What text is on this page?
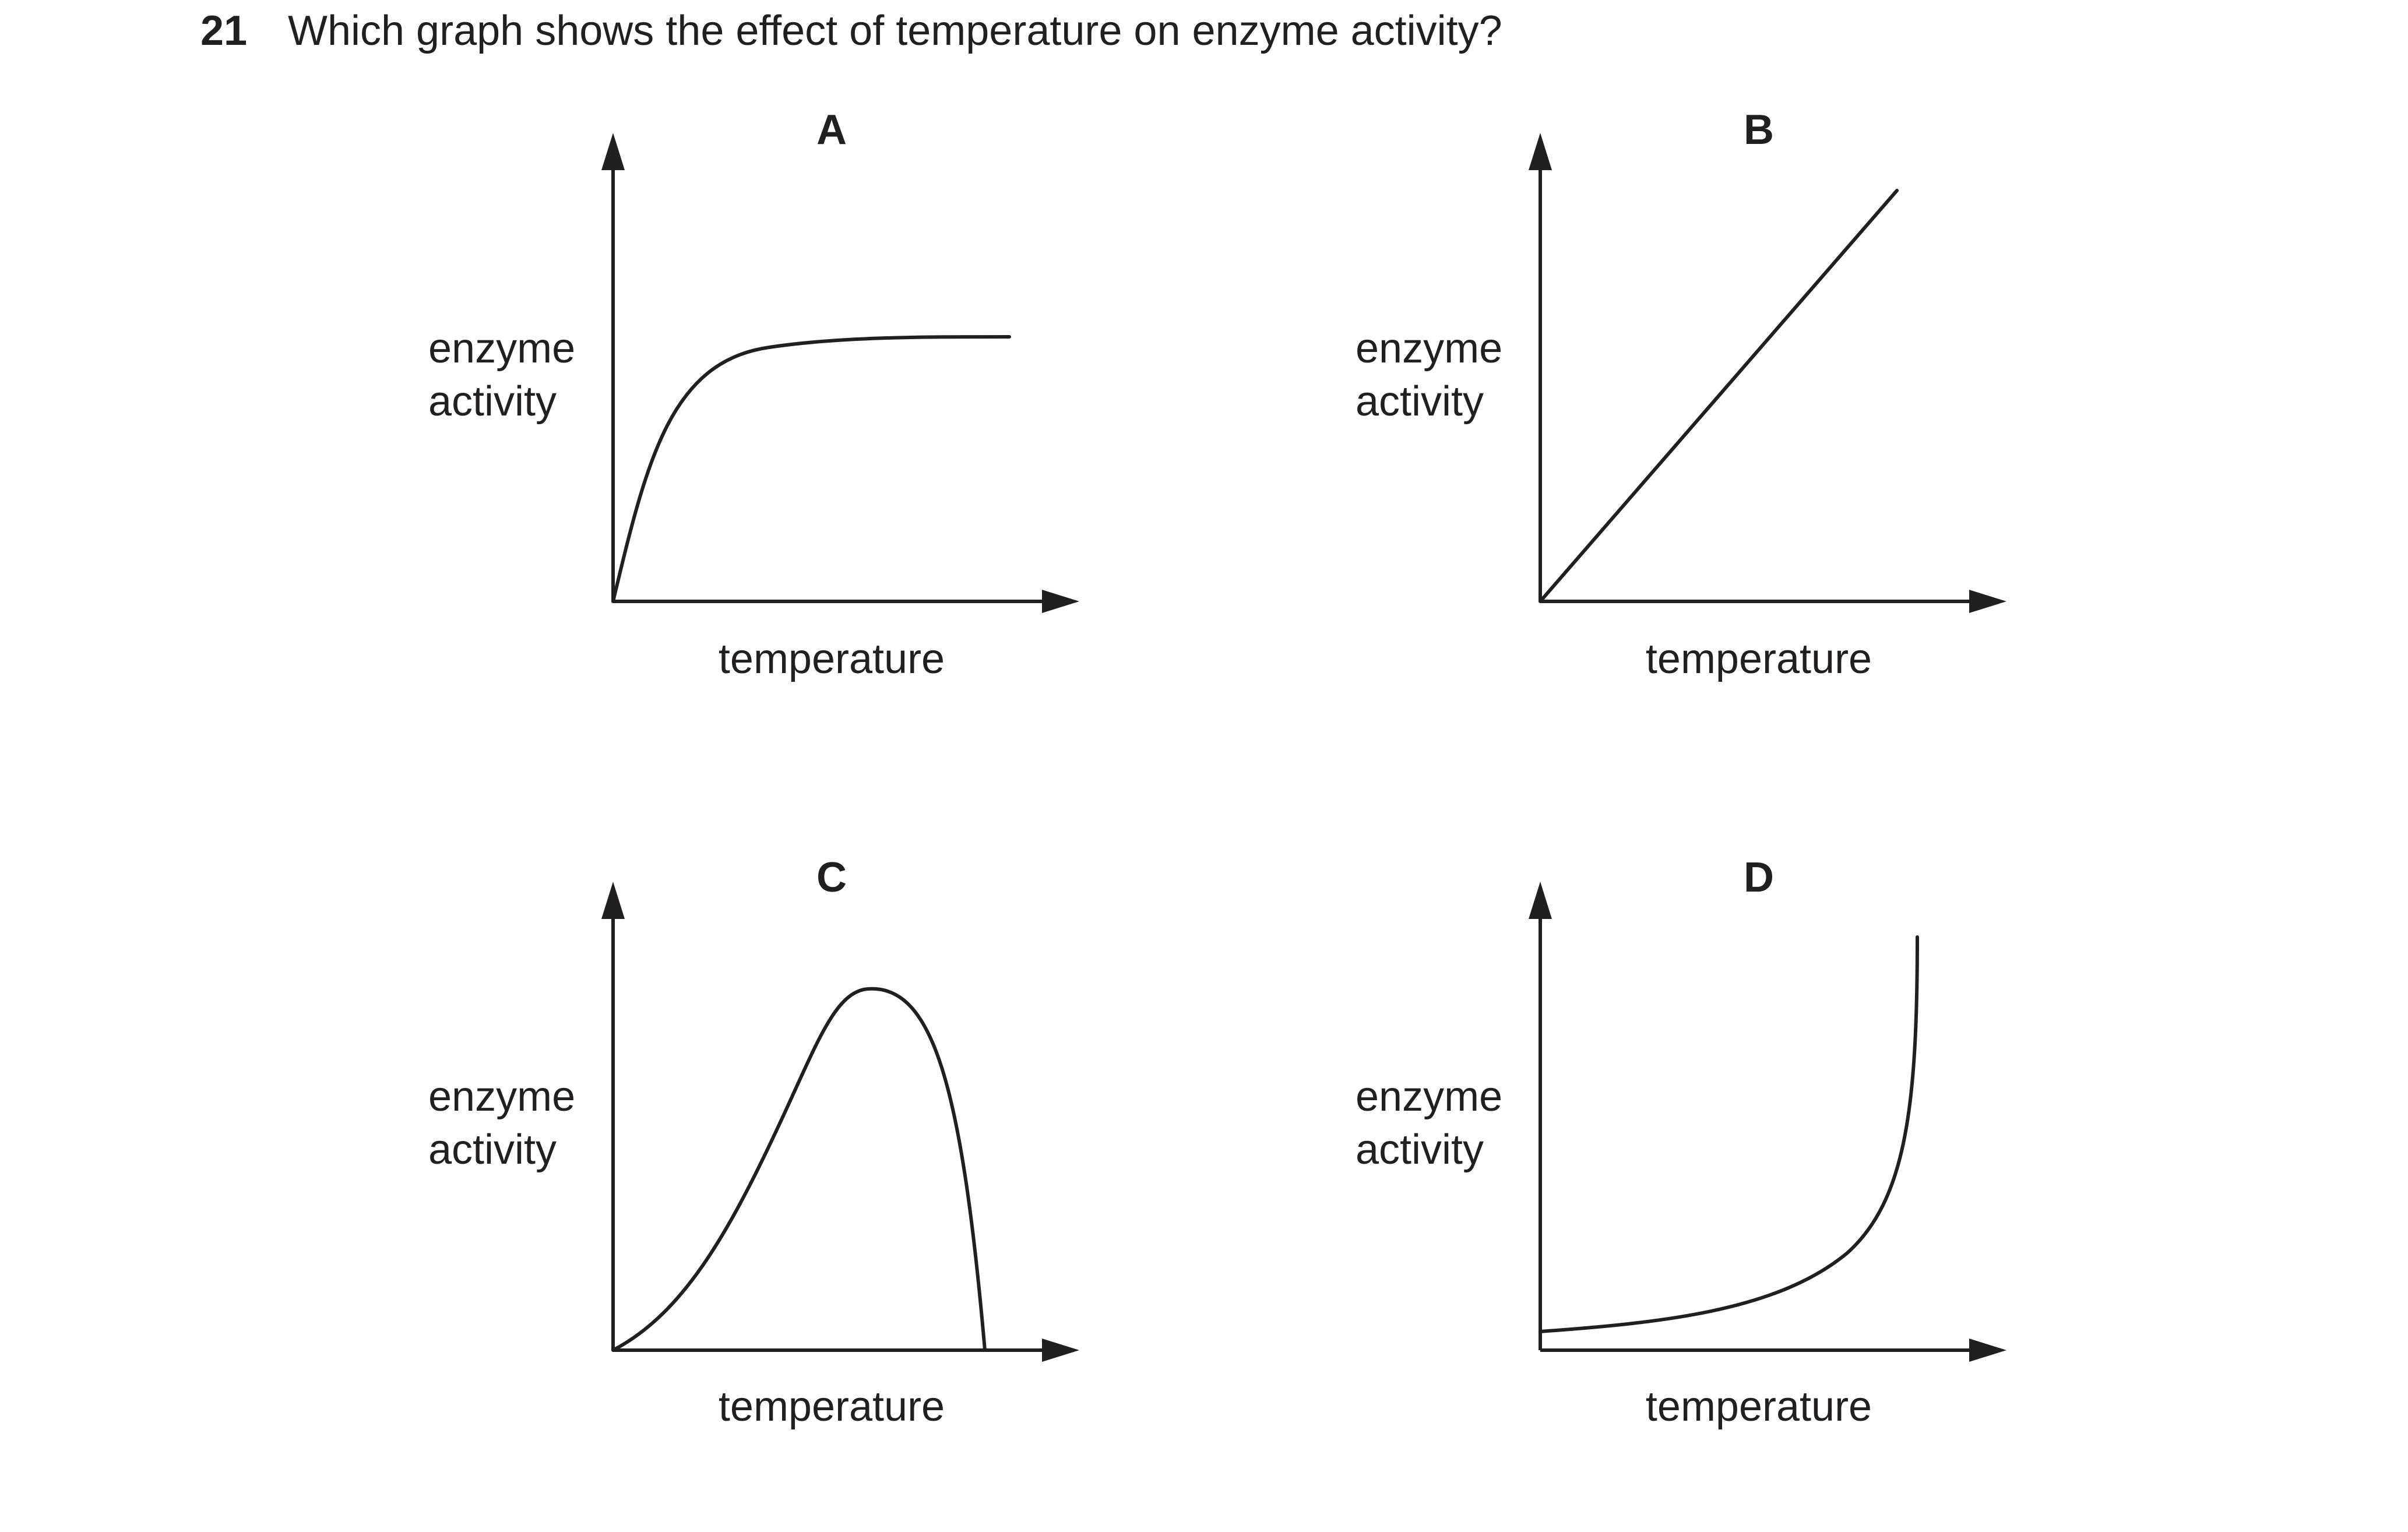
21 Which graph shows the effect of temperature on enzyme activity?
A
enzyme
activity
temperature
B
enzyme
activity
temperature
C
enzyme
activity
temperature
D
enzyme
activity
temperature
